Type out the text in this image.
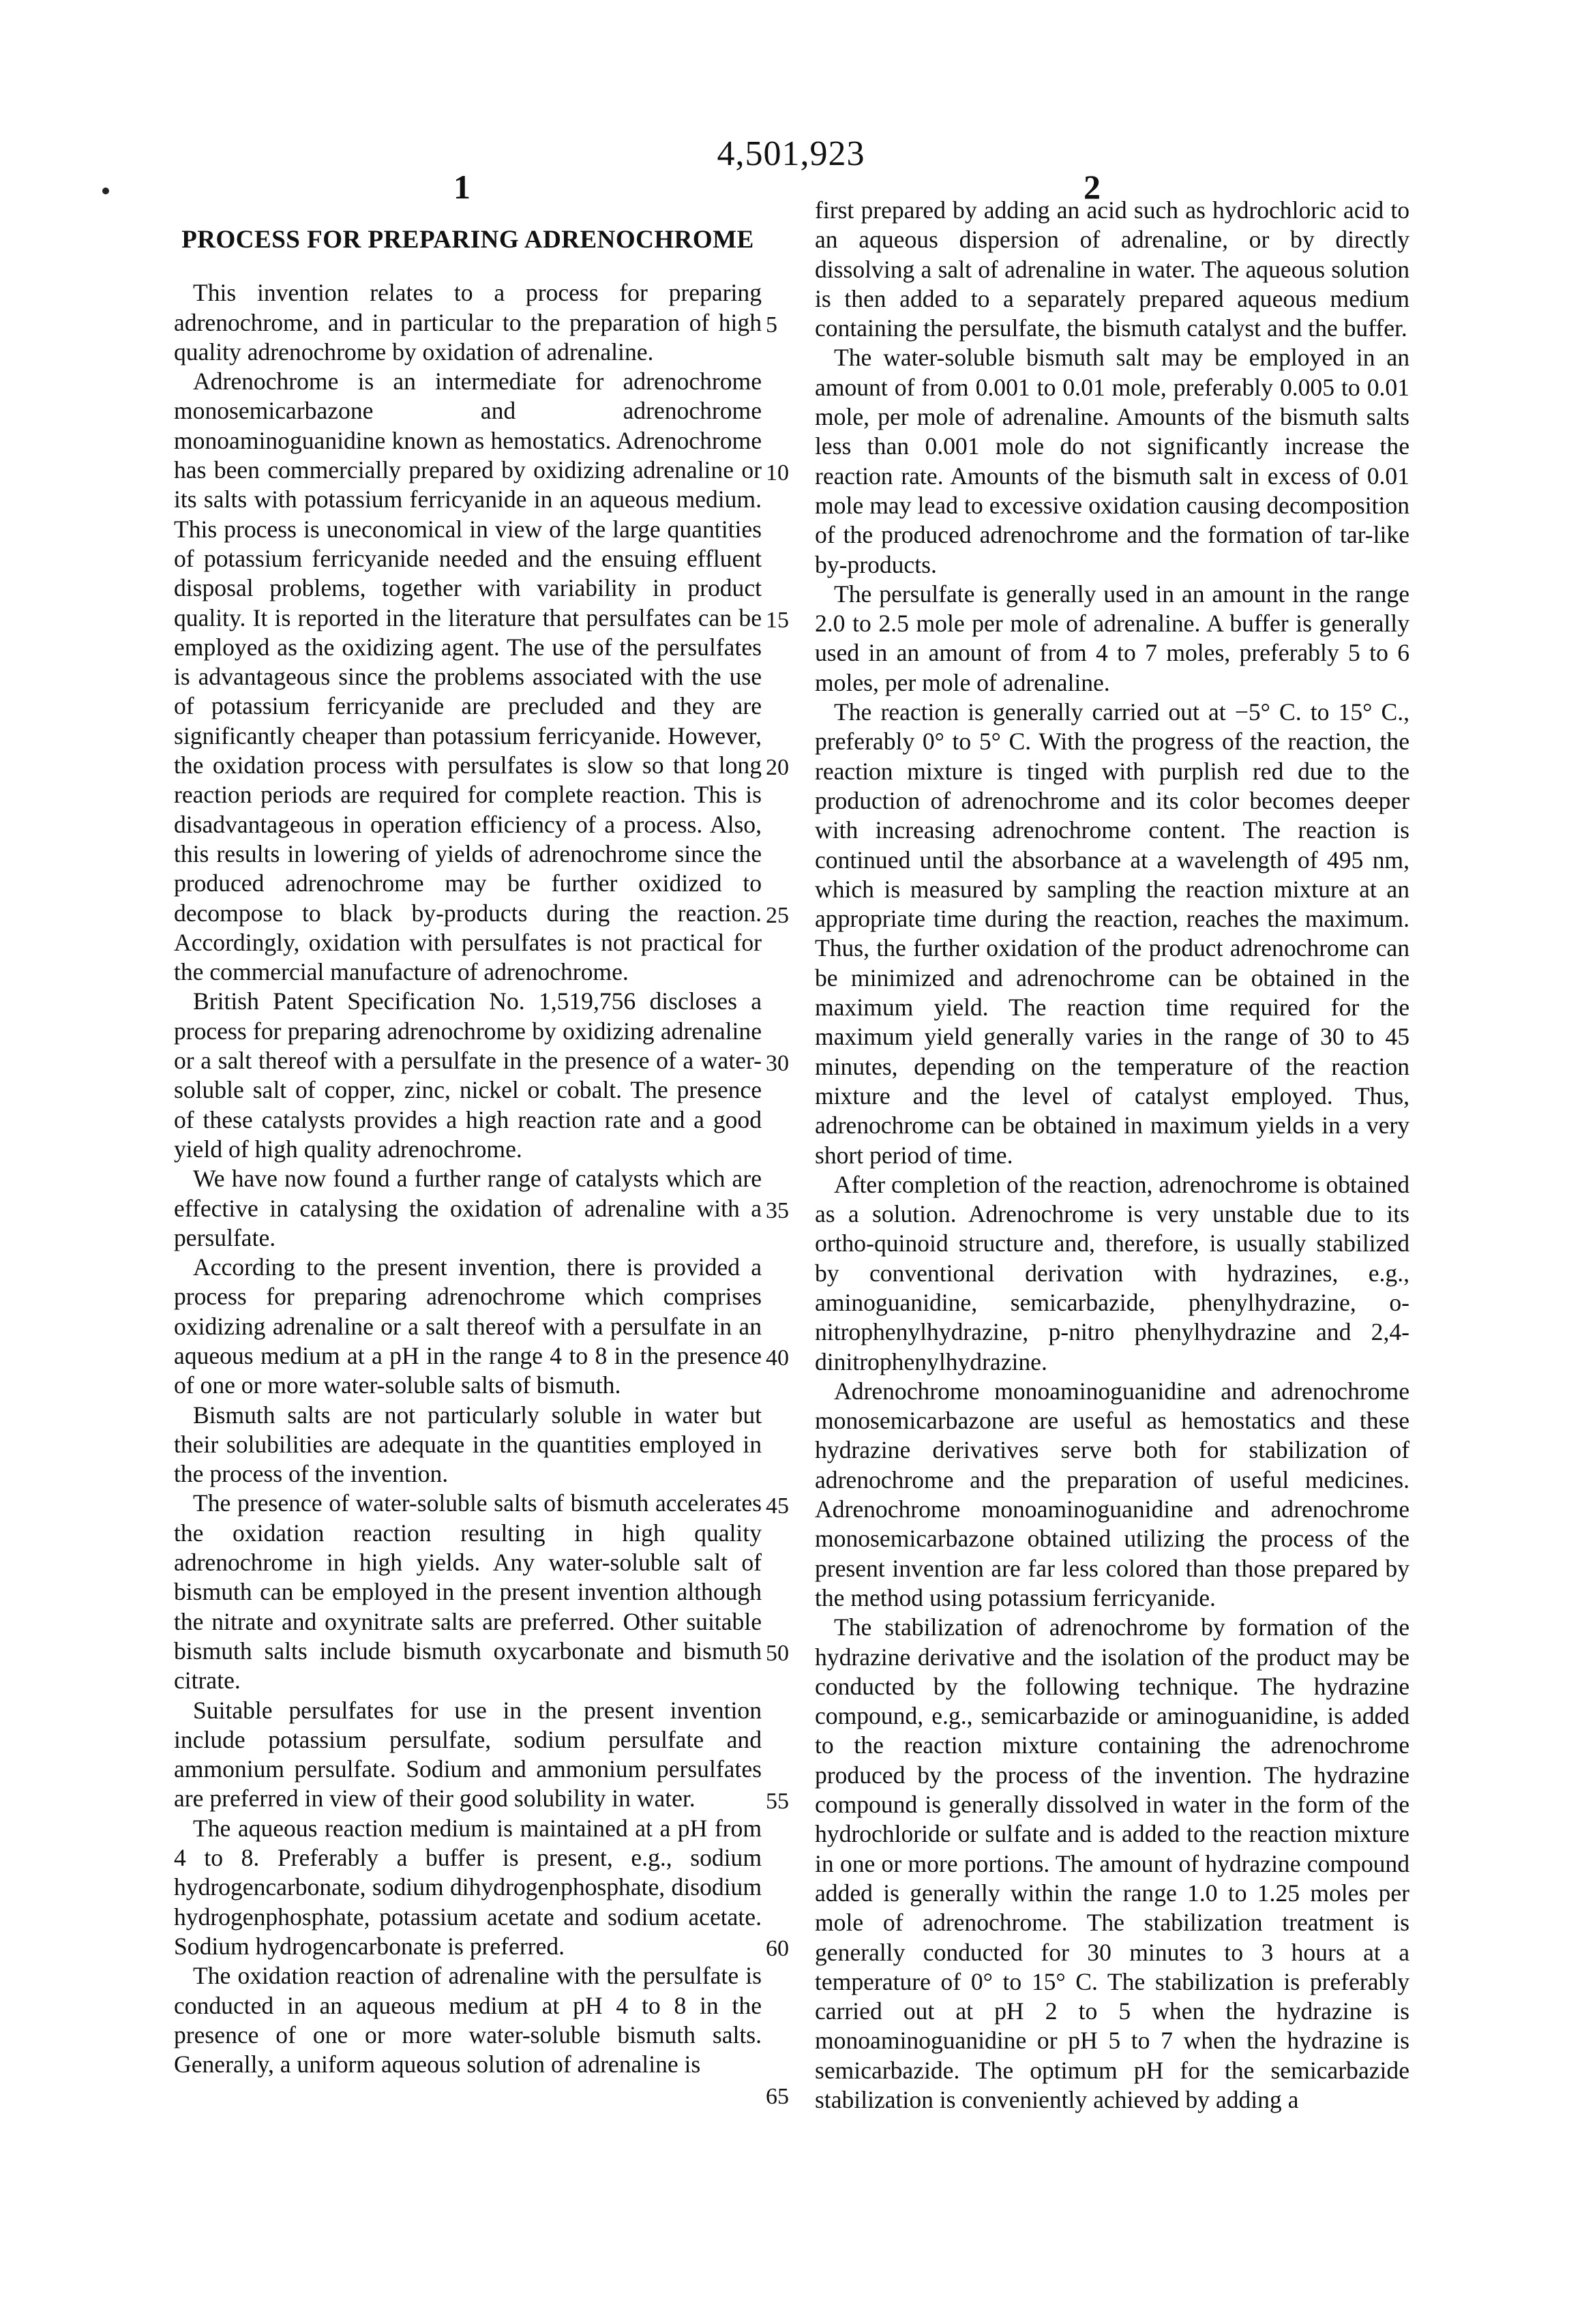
4,501,923
1	2
PROCESS FOR PREPARING ADRENOCHROME

This invention relates to a process for preparing adrenochrome, and in particular to the preparation of high quality adrenochrome by oxidation of adrenaline.

Adrenochrome is an intermediate for adrenochrome monosemicarbazone and adrenochrome monoaminoguanidine known as hemostatics. Adrenochrome has been commercially prepared by oxidizing adrenaline or its salts with potassium ferricyanide in an aqueous medium. This process is uneconomical in view of the large quantities of potassium ferricyanide needed and the ensuing effluent disposal problems, together with variability in product quality. It is reported in the literature that persulfates can be employed as the oxidizing agent. The use of the persulfates is advantageous since the problems associated with the use of potassium ferricyanide are precluded and they are significantly cheaper than potassium ferricyanide. However, the oxidation process with persulfates is slow so that long reaction periods are required for complete reaction. This is disadvantageous in operation efficiency of a process. Also, this results in lowering of yields of adrenochrome since the produced adrenochrome may be further oxidized to decompose to black by-products during the reaction. Accordingly, oxidation with persulfates is not practical for the commercial manufacture of adrenochrome.

British Patent Specification No. 1,519,756 discloses a process for preparing adrenochrome by oxidizing adrenaline or a salt thereof with a persulfate in the presence of a water-soluble salt of copper, zinc, nickel or cobalt. The presence of these catalysts provides a high reaction rate and a good yield of high quality adrenochrome.

We have now found a further range of catalysts which are effective in catalysing the oxidation of adrenaline with a persulfate.

According to the present invention, there is provided a process for preparing adrenochrome which comprises oxidizing adrenaline or a salt thereof with a persulfate in an aqueous medium at a pH in the range 4 to 8 in the presence of one or more water-soluble salts of bismuth.

Bismuth salts are not particularly soluble in water but their solubilities are adequate in the quantities employed in the process of the invention.

The presence of water-soluble salts of bismuth accelerates the oxidation reaction resulting in high quality adrenochrome in high yields. Any water-soluble salt of bismuth can be employed in the present invention although the nitrate and oxynitrate salts are preferred. Other suitable bismuth salts include bismuth oxycarbonate and bismuth citrate.

Suitable persulfates for use in the present invention include potassium persulfate, sodium persulfate and ammonium persulfate. Sodium and ammonium persulfates are preferred in view of their good solubility in water.

The aqueous reaction medium is maintained at a pH from 4 to 8. Preferably a buffer is present, e.g., sodium hydrogencarbonate, sodium dihydrogenphosphate, disodium hydrogenphosphate, potassium acetate and sodium acetate. Sodium hydrogencarbonate is preferred.

The oxidation reaction of adrenaline with the persulfate is conducted in an aqueous medium at pH 4 to 8 in the presence of one or more water-soluble bismuth salts. Generally, a uniform aqueous solution of adrenaline is

5
10
15
20
25
30
35
40
45
50
55
60
65

first prepared by adding an acid such as hydrochloric acid to an aqueous dispersion of adrenaline, or by directly dissolving a salt of adrenaline in water. The aqueous solution is then added to a separately prepared aqueous medium containing the persulfate, the bismuth catalyst and the buffer.

The water-soluble bismuth salt may be employed in an amount of from 0.001 to 0.01 mole, preferably 0.005 to 0.01 mole, per mole of adrenaline. Amounts of the bismuth salts less than 0.001 mole do not significantly increase the reaction rate. Amounts of the bismuth salt in excess of 0.01 mole may lead to excessive oxidation causing decomposition of the produced adrenochrome and the formation of tar-like by-products.

The persulfate is generally used in an amount in the range 2.0 to 2.5 mole per mole of adrenaline. A buffer is generally used in an amount of from 4 to 7 moles, preferably 5 to 6 moles, per mole of adrenaline.

The reaction is generally carried out at −5° C. to 15° C., preferably 0° to 5° C. With the progress of the reaction, the reaction mixture is tinged with purplish red due to the production of adrenochrome and its color becomes deeper with increasing adrenochrome content. The reaction is continued until the absorbance at a wavelength of 495 nm, which is measured by sampling the reaction mixture at an appropriate time during the reaction, reaches the maximum. Thus, the further oxidation of the product adrenochrome can be minimized and adrenochrome can be obtained in the maximum yield. The reaction time required for the maximum yield generally varies in the range of 30 to 45 minutes, depending on the temperature of the reaction mixture and the level of catalyst employed. Thus, adrenochrome can be obtained in maximum yields in a very short period of time.

After completion of the reaction, adrenochrome is obtained as a solution. Adrenochrome is very unstable due to its ortho-quinoid structure and, therefore, is usually stabilized by conventional derivation with hydrazines, e.g., aminoguanidine, semicarbazide, phenylhydrazine, o-nitrophenylhydrazine, p-nitro phenylhydrazine and 2,4-dinitrophenylhydrazine.

Adrenochrome monoaminoguanidine and adrenochrome monosemicarbazone are useful as hemostatics and these hydrazine derivatives serve both for stabilization of adrenochrome and the preparation of useful medicines. Adrenochrome monoaminoguanidine and adrenochrome monosemicarbazone obtained utilizing the process of the present invention are far less colored than those prepared by the method using potassium ferricyanide.

The stabilization of adrenochrome by formation of the hydrazine derivative and the isolation of the product may be conducted by the following technique. The hydrazine compound, e.g., semicarbazide or aminoguanidine, is added to the reaction mixture containing the adrenochrome produced by the process of the invention. The hydrazine compound is generally dissolved in water in the form of the hydrochloride or sulfate and is added to the reaction mixture in one or more portions. The amount of hydrazine compound added is generally within the range 1.0 to 1.25 moles per mole of adrenochrome. The stabilization treatment is generally conducted for 30 minutes to 3 hours at a temperature of 0° to 15° C. The stabilization is preferably carried out at pH 2 to 5 when the hydrazine is monoaminoguanidine or pH 5 to 7 when the hydrazine is semicarbazide. The optimum pH for the semicarbazide stabilization is conveniently achieved by adding a
